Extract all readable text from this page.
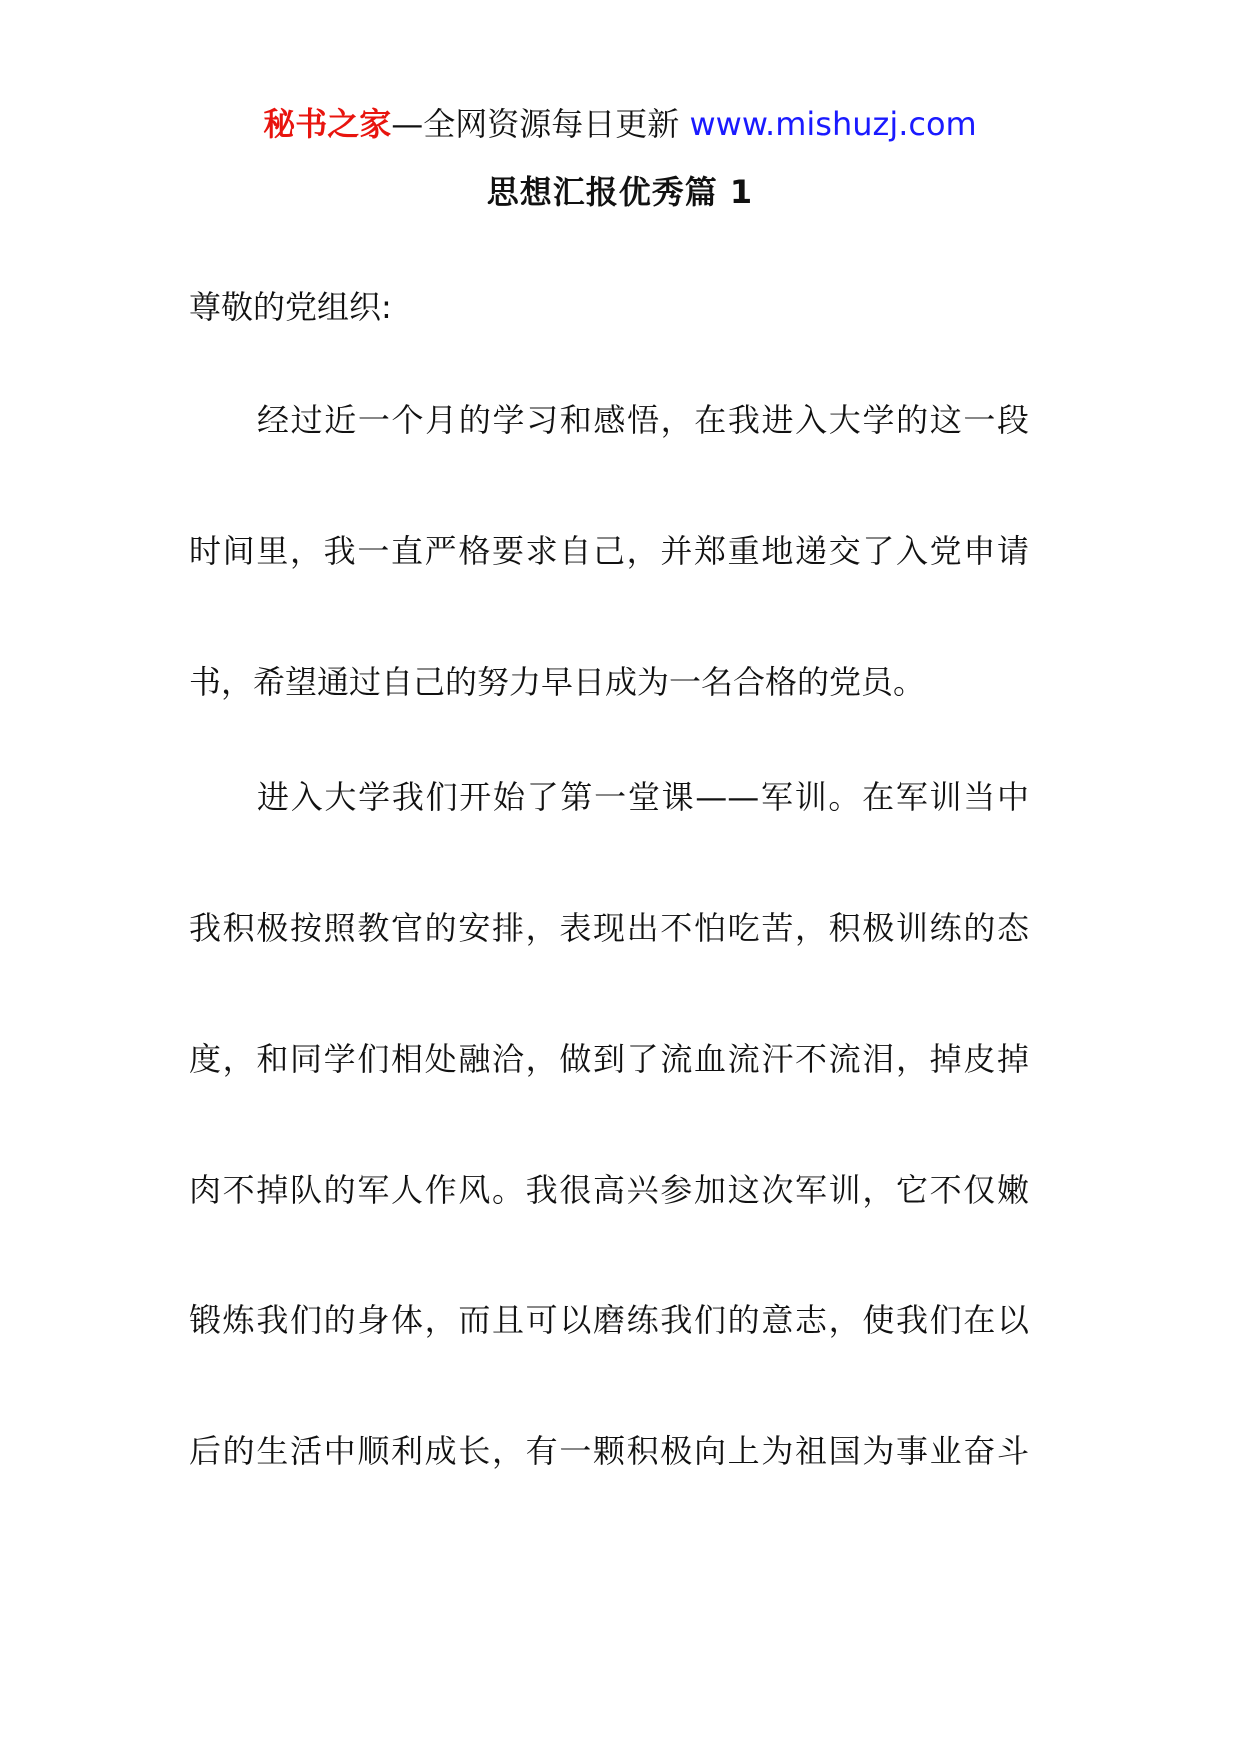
秘书之家—全网资源每日更新 www.mishuzj.com
思想汇报优秀篇 1
尊敬的党组织:
经过近一个月的学习和感悟，在我进入大学的这一段
时间里，我一直严格要求自己，并郑重地递交了入党申请
书，希望通过自己的努力早日成为一名合格的党员。
进入大学我们开始了第一堂课——军训。在军训当中
我积极按照教官的安排，表现出不怕吃苦，积极训练的态
度，和同学们相处融洽，做到了流血流汗不流泪，掉皮掉
肉不掉队的军人作风。我很高兴参加这次军训，它不仅嫩
锻炼我们的身体，而且可以磨练我们的意志，使我们在以
后的生活中顺利成长，有一颗积极向上为祖国为事业奋斗
